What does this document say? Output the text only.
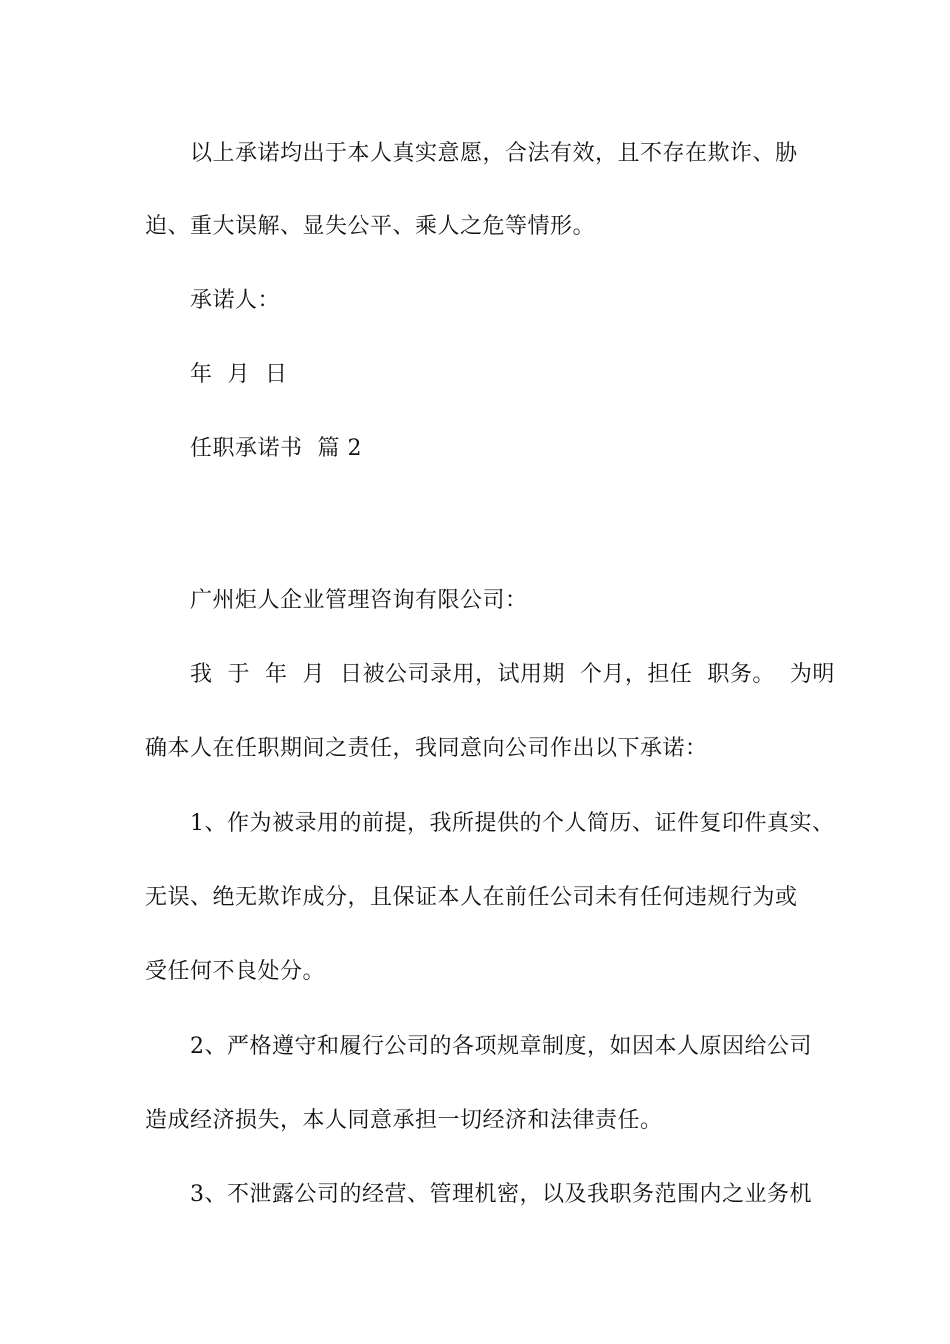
以上承诺均出于本人真实意愿，合法有效，且不存在欺诈、胁
迫、重大误解、显失公平、乘人之危等情形。
承诺人：
年  月  日
任职承诺书  篇 2
广州炬人企业管理咨询有限公司：
我  于  年  月  日被公司录用，试用期  个月，担任  职务。  为明
确本人在任职期间之责任，我同意向公司作出以下承诺：
1、作为被录用的前提，我所提供的个人简历、证件复印件真实、
无误、绝无欺诈成分，且保证本人在前任公司未有任何违规行为或
受任何不良处分。
2、严格遵守和履行公司的各项规章制度，如因本人原因给公司
造成经济损失，本人同意承担一切经济和法律责任。
3、不泄露公司的经营、管理机密，以及我职务范围内之业务机
